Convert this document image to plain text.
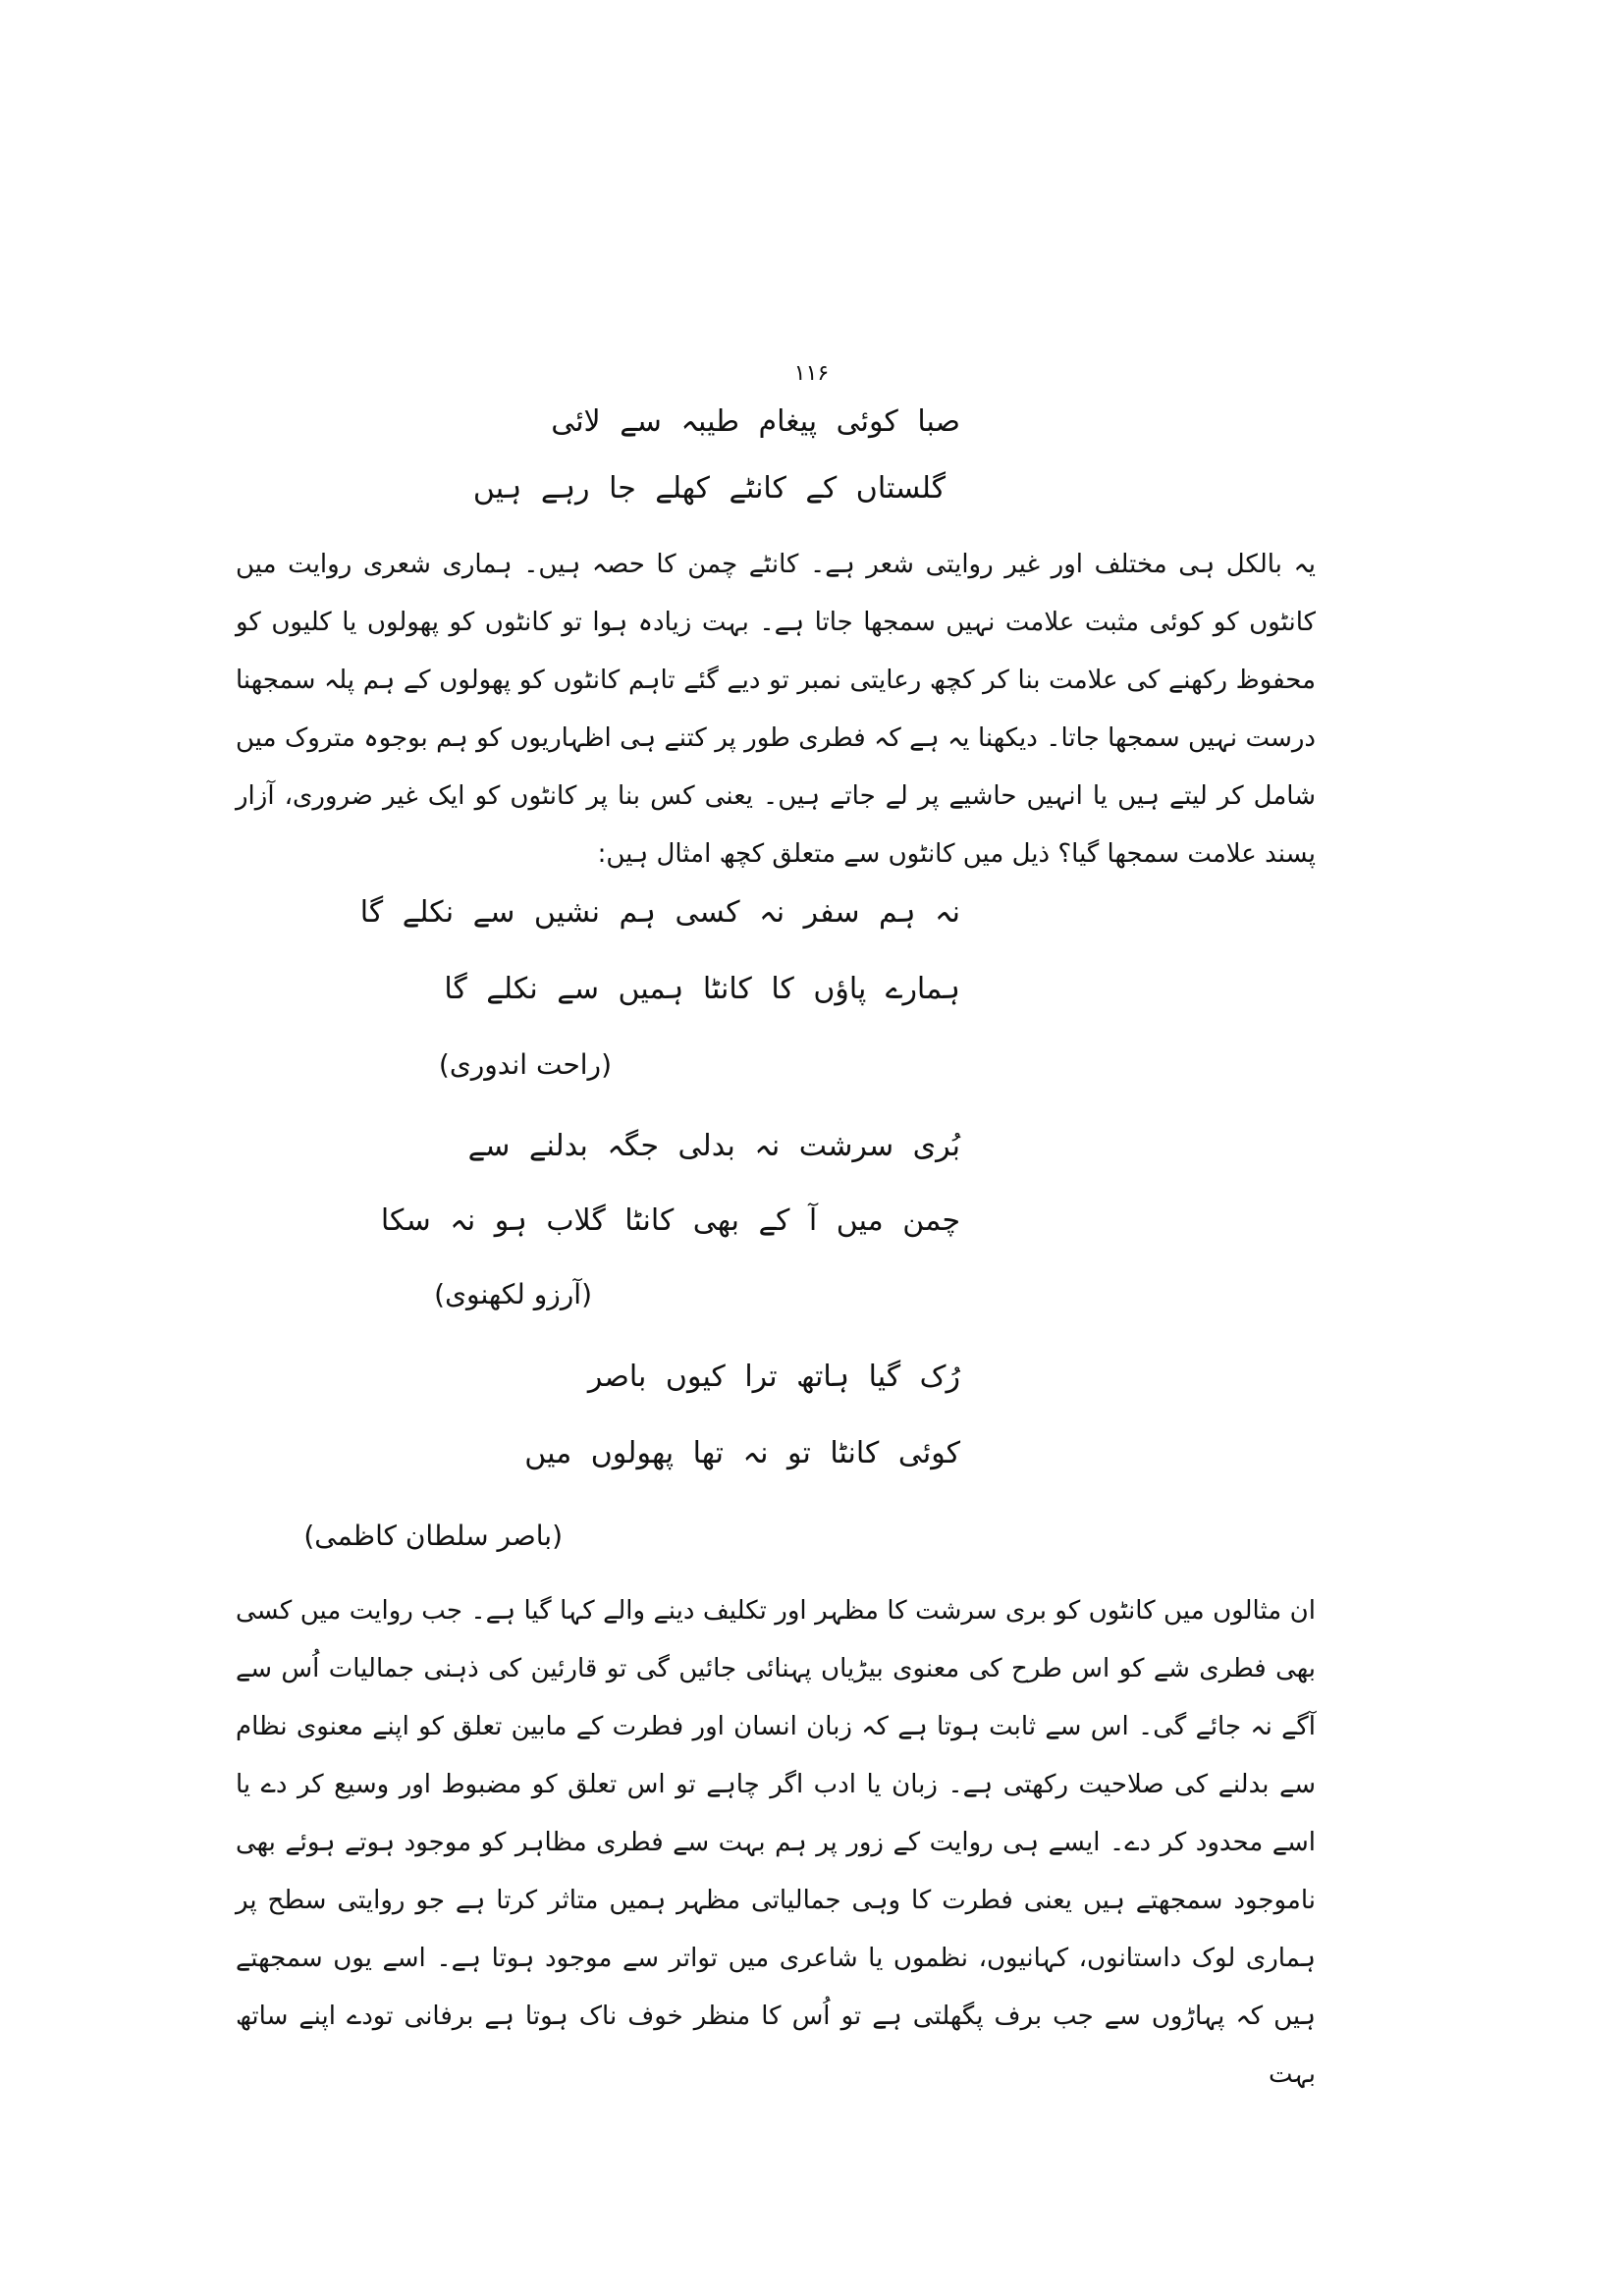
۱۱۶
صبا کوئی پیغام طیبہ سے لائی
گلستاں کے کانٹے کھلے جا رہے ہیں
یہ بالکل ہی مختلف اور غیر روایتی شعر ہے۔ کانٹے چمن کا حصہ ہیں۔ ہماری شعری روایت میں کانٹوں کو کوئی مثبت علامت نہیں سمجھا جاتا ہے۔ بہت زیادہ ہوا تو کانٹوں کو پھولوں یا کلیوں کو محفوظ رکھنے کی علامت بنا کر کچھ رعایتی نمبر تو دیے گئے تاہم کانٹوں کو پھولوں کے ہم پلہ سمجھنا درست نہیں سمجھا جاتا۔ دیکھنا یہ ہے کہ فطری طور پر کتنے ہی اظہاریوں کو ہم بوجوہ متروک میں شامل کر لیتے ہیں یا انہیں حاشیے پر لے جاتے ہیں۔ یعنی کس بنا پر کانٹوں کو ایک غیر ضروری، آزار پسند علامت سمجھا گیا؟ ذیل میں کانٹوں سے متعلق کچھ امثال ہیں:
نہ ہم سفر نہ کسی ہم نشیں سے نکلے گا
ہمارے پاؤں کا کانٹا ہمیں سے نکلے گا
(راحت اندوری)
بُری سرشت نہ بدلی جگہ بدلنے سے
چمن میں آ کے بھی کانٹا گلاب ہو نہ سکا
(آرزو لکھنوی)
رُک گیا ہاتھ ترا کیوں باصر
کوئی کانٹا تو نہ تھا پھولوں میں
(باصر سلطان کاظمی)
ان مثالوں میں کانٹوں کو بری سرشت کا مظہر اور تکلیف دینے والے کہا گیا ہے۔ جب روایت میں کسی بھی فطری شے کو اس طرح کی معنوی بیڑیاں پہنائی جائیں گی تو قارئین کی ذہنی جمالیات اُس سے آگے نہ جائے گی۔ اس سے ثابت ہوتا ہے کہ زبان انسان اور فطرت کے مابین تعلق کو اپنے معنوی نظام سے بدلنے کی صلاحیت رکھتی ہے۔ زبان یا ادب اگر چاہے تو اس تعلق کو مضبوط اور وسیع کر دے یا اسے محدود کر دے۔ ایسے ہی روایت کے زور پر ہم بہت سے فطری مظاہر کو موجود ہوتے ہوئے بھی ناموجود سمجھتے ہیں یعنی فطرت کا وہی جمالیاتی مظہر ہمیں متاثر کرتا ہے جو روایتی سطح پر ہماری لوک داستانوں، کہانیوں، نظموں یا شاعری میں تواتر سے موجود ہوتا ہے۔ اسے یوں سمجھتے ہیں کہ پہاڑوں سے جب برف پگھلتی ہے تو اُس کا منظر خوف ناک ہوتا ہے برفانی تودے اپنے ساتھ بہت
